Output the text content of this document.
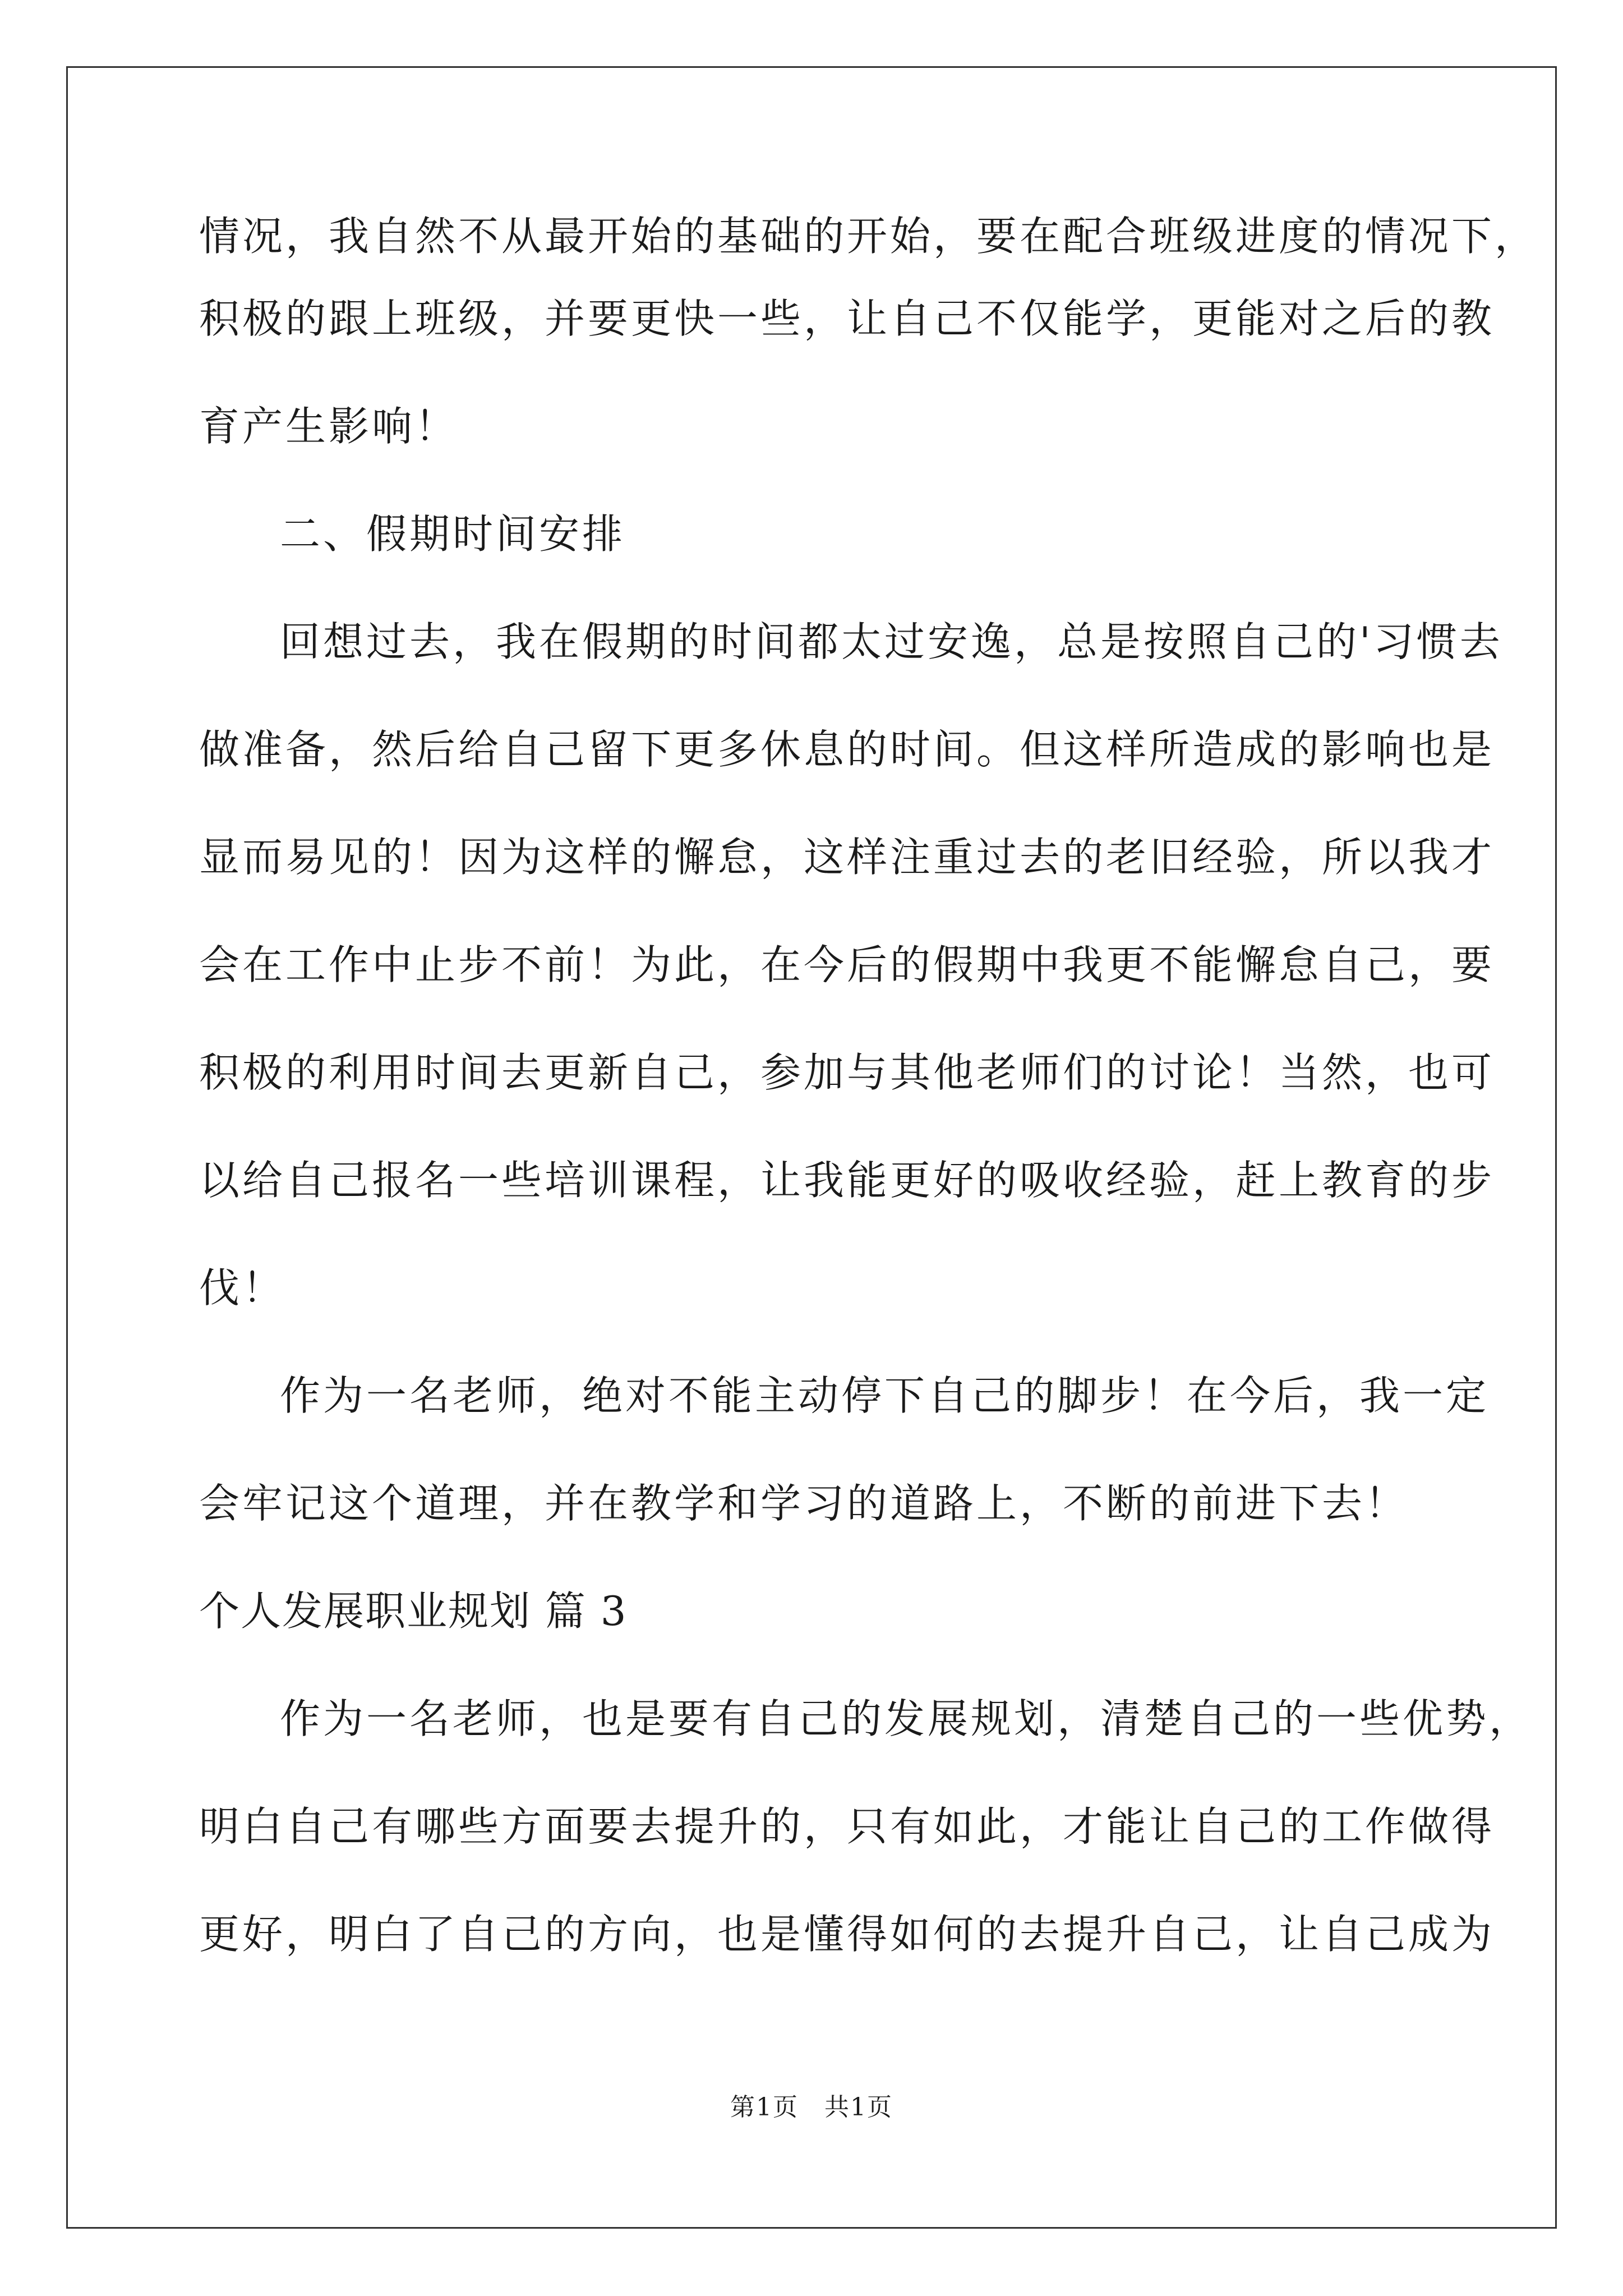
情况，我自然不从最开始的基础的开始，要在配合班级进度的情况下，
积极的跟上班级，并要更快一些，让自己不仅能学，更能对之后的教
育产生影响！
二、假期时间安排
回想过去，我在假期的时间都太过安逸，总是按照自己的'习惯去
做准备，然后给自己留下更多休息的时间。但这样所造成的影响也是
显而易见的！因为这样的懈怠，这样注重过去的老旧经验，所以我才
会在工作中止步不前！为此，在今后的假期中我更不能懈怠自己，要
积极的利用时间去更新自己，参加与其他老师们的讨论！当然，也可
以给自己报名一些培训课程，让我能更好的吸收经验，赶上教育的步
伐！
作为一名老师，绝对不能主动停下自己的脚步！在今后，我一定
会牢记这个道理，并在教学和学习的道路上，不断的前进下去！
个人发展职业规划 篇 3
作为一名老师，也是要有自己的发展规划，清楚自己的一些优势，
明白自己有哪些方面要去提升的，只有如此，才能让自己的工作做得
更好，明白了自己的方向，也是懂得如何的去提升自己，让自己成为
第1页　共1页
